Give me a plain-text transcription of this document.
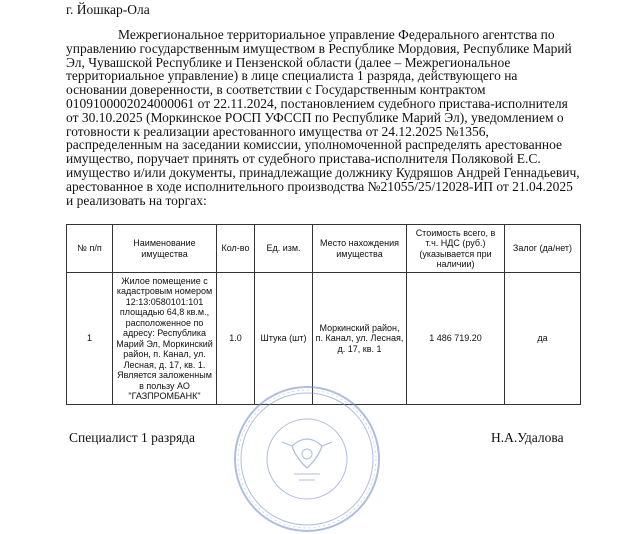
г. Йошкар-Ола

Межрегиональное территориальное управление Федерального агентства по управлению государственным имуществом в Республике Мордовия, Республике Марий Эл, Чувашской Республике и Пензенской области (далее – Межрегиональное территориальное управление) в лице специалиста 1 разряда, действующего на основании доверенности, в соответствии с Государственным контрактом 0109100002024000061 от 22.11.2024, постановлением судебного пристава-исполнителя от 30.10.2025 (Моркинское РОСП УФССП по Республике Марий Эл), уведомлением о готовности к реализации арестованного имущества от 24.12.2025 №1356, распределенным на заседании комиссии, уполномоченной распределять арестованное имущество, поручает принять от судебного пристава-исполнителя Поляковой Е.С. имущество и/или документы, принадлежащие должнику Кудряшов Андрей Геннадьевич, арестованное в ходе исполнительного производства №21055/25/12028-ИП от 21.04.2025 и реализовать на торгах:

№ п/п	Наименование имущества	Кол-во	Ед. изм.	Место нахождения имущества	Стоимость всего, в т.ч. НДС (руб.) (указывается при наличии)	Залог (да/нет)
1	Жилое помещение с кадастровым номером 12:13:0580101:101 площадью 64,8 кв.м., расположенное по адресу: Республика Марий Эл, Моркинский район, п. Канал, ул. Лесная, д. 17, кв. 1. Является заложенным в пользу АО "ГАЗПРОМБАНК"	1.0	Штука (шт)	Моркинский район, п. Канал, ул. Лесная, д. 17, кв. 1	1 486 719.20	да
Специалист 1 разряда	Н.А.Удалова
